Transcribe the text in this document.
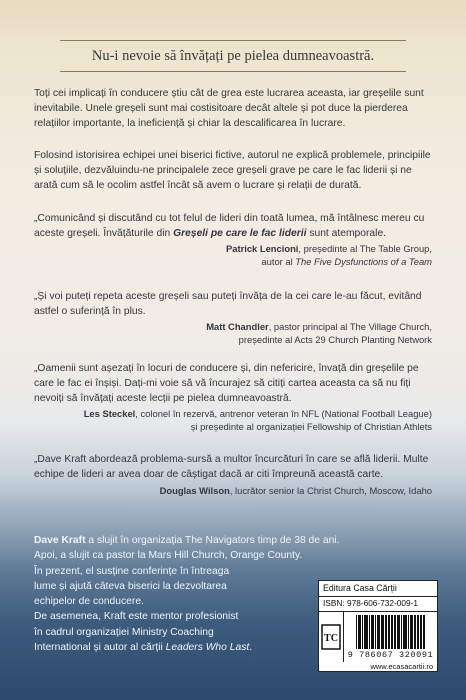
Nu-i nevoie să învățați pe pielea dumneavoastră.

Toți cei implicați în conducere știu cât de grea este lucrarea aceasta, iar greșelile sunt inevitabile. Unele greșeli sunt mai costisitoare decât altele și pot duce la pierderea relațiilor importante, la ineficiență și chiar la descalificarea în lucrare.

Folosind istorisirea echipei unei biserici fictive, autorul ne explică problemele, principiile și soluțiile, dezvăluindu-ne principalele zece greșeli grave pe care le fac liderii și ne arată cum să le ocolim astfel încât să avem o lucrare și relații de durată.

„Comunicând și discutând cu tot felul de lideri din toată lumea, mă întâlnesc mereu cu aceste greșeli. Învățăturile din Greșeli pe care le fac liderii sunt atemporale.

Patrick Lencioni, președinte al The Table Group,
autor al The Five Dysfunctions of a Team

„Și voi puteți repeta aceste greșeli sau puteți învăța de la cei care le-au făcut, evitând astfel o suferință în plus.

Matt Chandler, pastor principal al The Village Church,
președinte al Acts 29 Church Planting Network

„Oamenii sunt așezați în locuri de conducere și, din nefericire, învață din greșelile pe care le fac ei înșiși. Dați-mi voie să vă încurajez să citiți cartea aceasta ca să nu fiți nevoiți să învățați aceste lecții pe pielea dumneavoastră.

Les Steckel, colonel în rezervă, antrenor veteran în NFL (National Football League)
și președinte al organizației Fellowship of Christian Athlets

„Dave Kraft abordează problema-sursă a multor încurcături în care se află liderii. Multe echipe de lideri ar avea doar de câștigat dacă ar citi împreună această carte.

Douglas Wilson, lucrător senior la Christ Church, Moscow, Idaho
Dave Kraft a slujit în organizația The Navigators timp de 38 de ani.
Apoi, a slujit ca pastor la Mars Hill Church, Orange County.
În prezent, el susține conferințe în întreaga
lume și ajută câteva biserici la dezvoltarea
echipelor de conducere.
De asemenea, Kraft este mentor profesionist
în cadrul organizației Ministry Coaching
International și autor al cărții Leaders Who Last.
Editura Casa Cărții
ISBN: 978-606-732-009-1
TC
9 786067 320091
www.ecasacartii.ro
